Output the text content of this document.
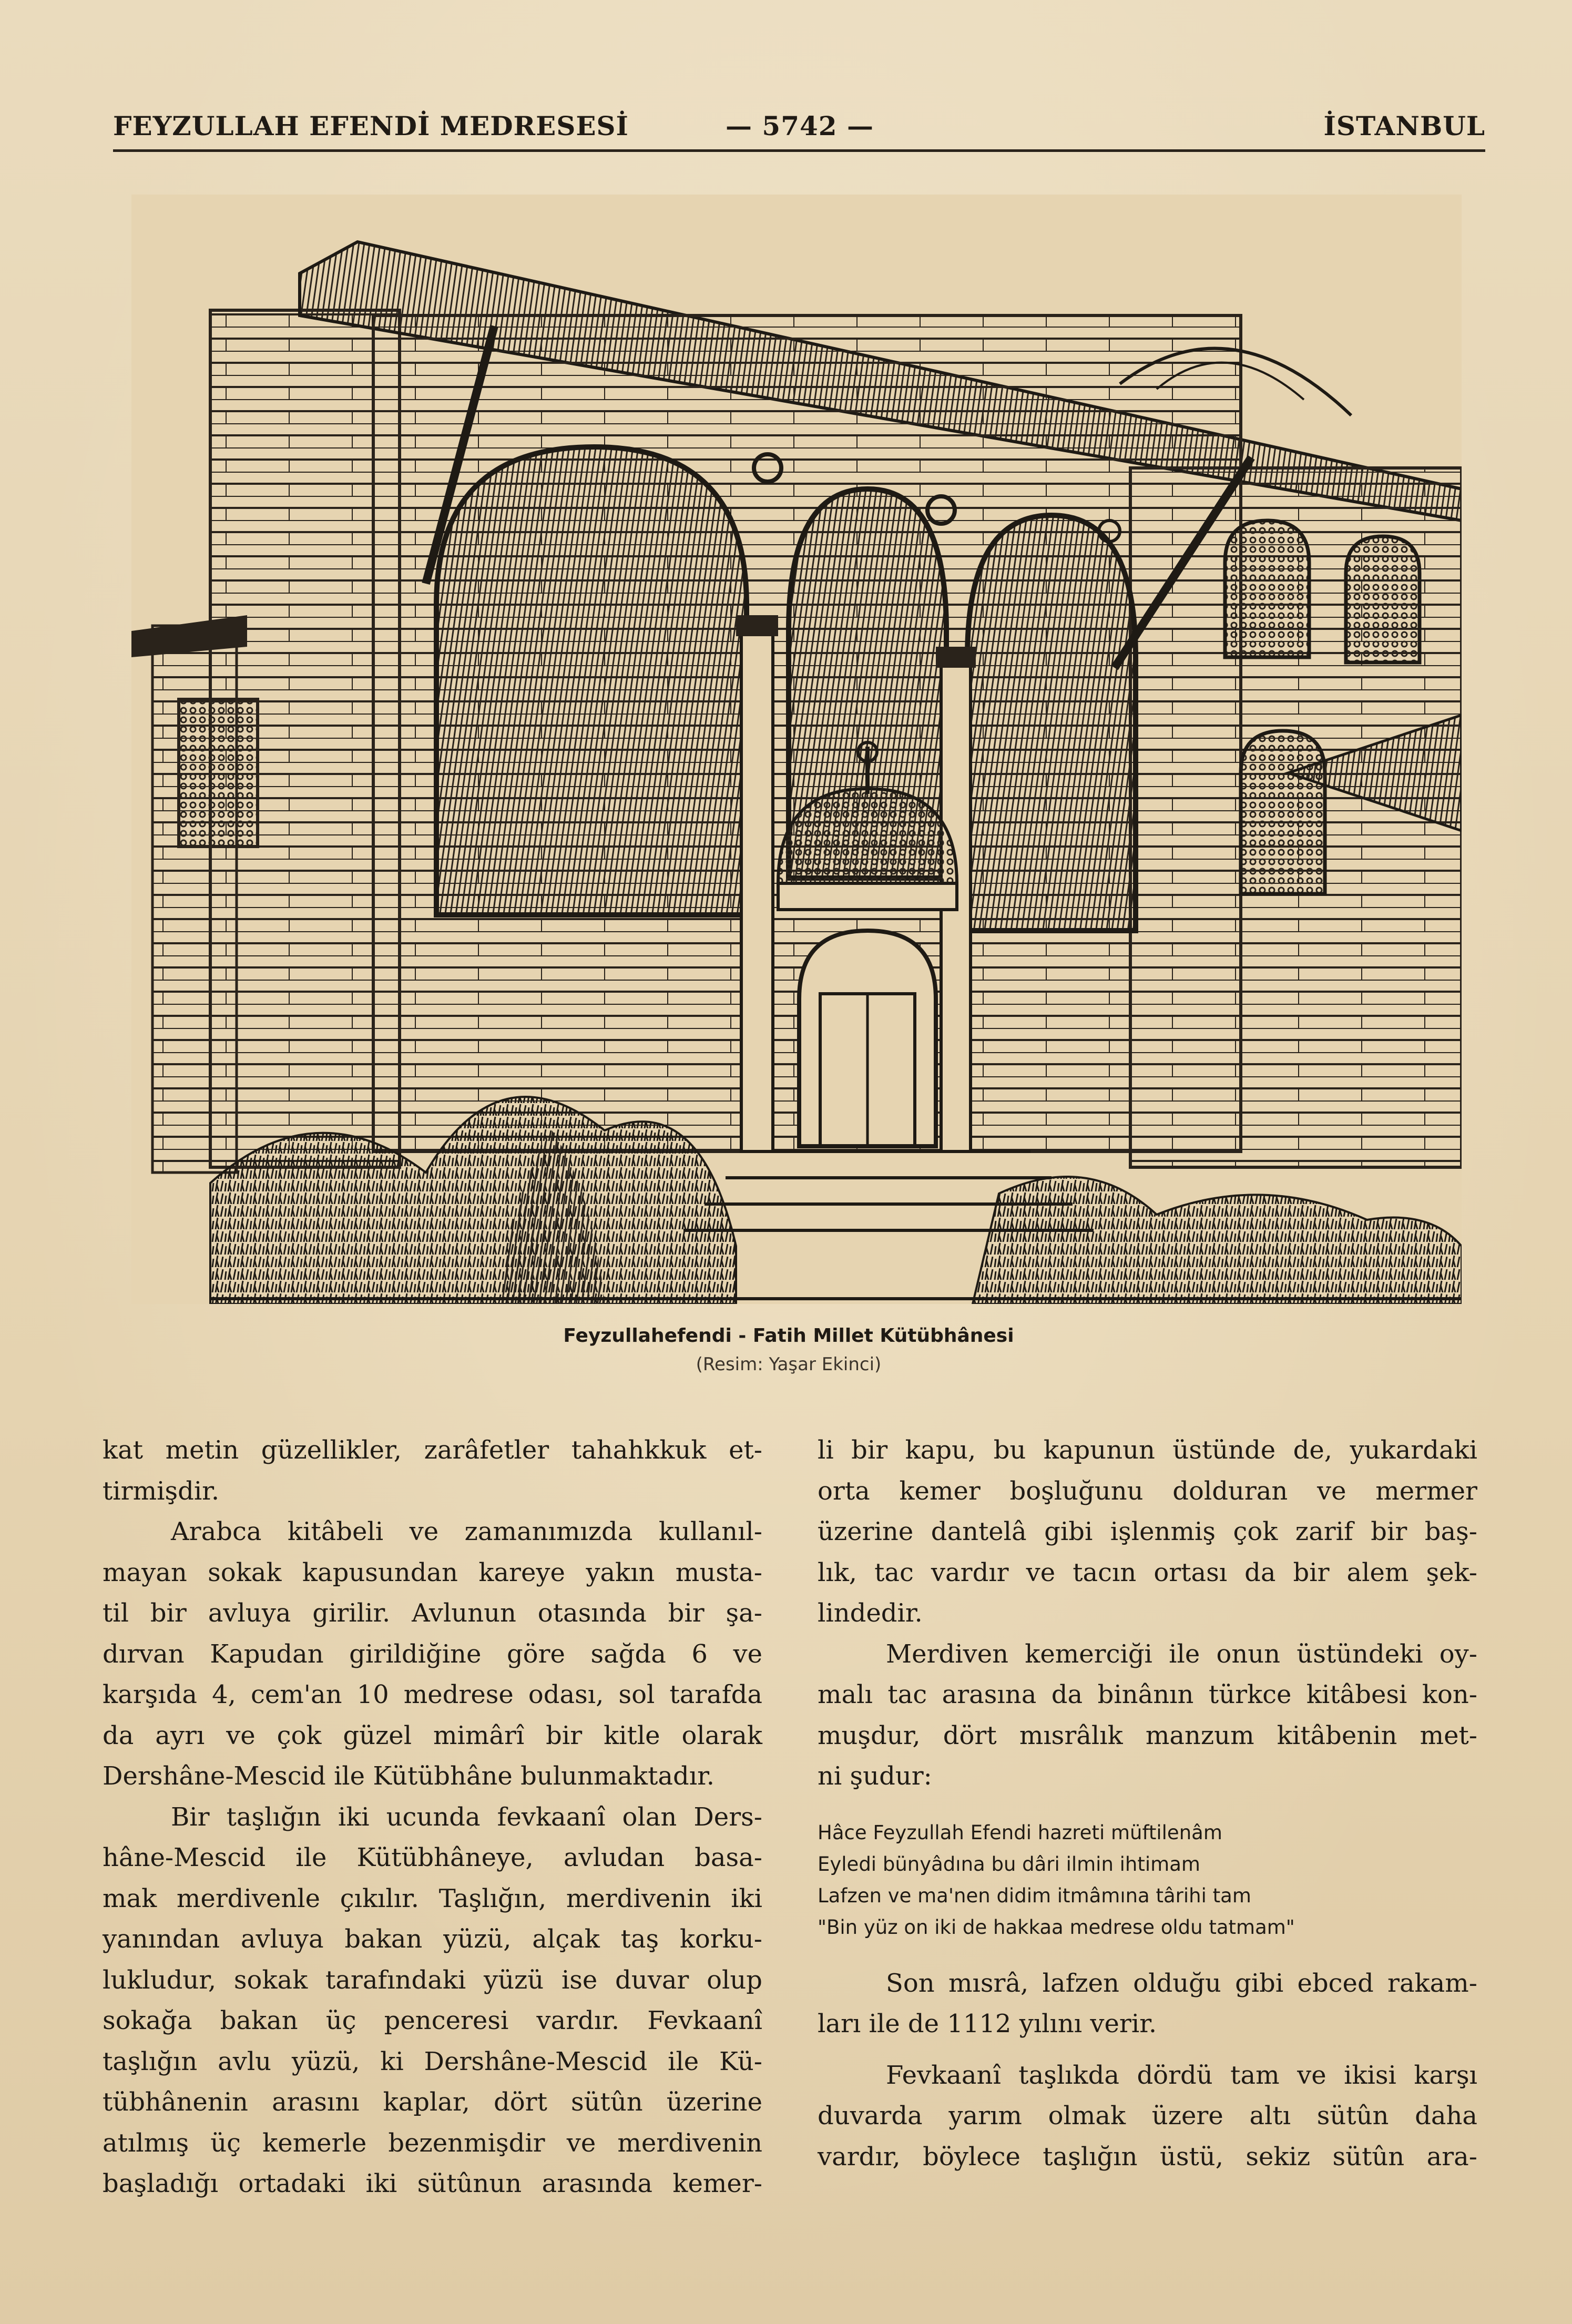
FEYZULLAH EFENDİ MEDRESESİ	— 5742 —	İSTANBUL
Feyzullahefendi - Fatih Millet Kütübhânesi
(Resim: Yaşar Ekinci)

kat metin güzellikler, zarâfetler tahahkkuk et-
tirmişdir.

Arabca kitâbeli ve zamanımızda kullanıl-
mayan sokak kapusundan kareye yakın musta-
til bir avluya girilir. Avlunun otasında bir şa-
dırvan Kapudan girildiğine göre sağda 6 ve
karşıda 4, cem'an 10 medrese odası, sol tarafda
da ayrı ve çok güzel mimârî bir kitle olarak
Dershâne-Mescid ile Kütübhâne bulunmaktadır.

Bir taşlığın iki ucunda fevkaanî olan Ders-
hâne-Mescid ile Kütübhâneye, avludan basa-
mak merdivenle çıkılır. Taşlığın, merdivenin iki
yanından avluya bakan yüzü, alçak taş korku-
lukludur, sokak tarafındaki yüzü ise duvar olup
sokağa bakan üç penceresi vardır. Fevkaanî
taşlığın avlu yüzü, ki Dershâne-Mescid ile Kü-
tübhânenin arasını kaplar, dört sütûn üzerine
atılmış üç kemerle bezenmişdir ve merdivenin
başladığı ortadaki iki sütûnun arasında kemer-

li bir kapu, bu kapunun üstünde de, yukardaki
orta kemer boşluğunu dolduran ve mermer
üzerine dantelâ gibi işlenmiş çok zarif bir baş-
lık, tac vardır ve tacın ortası da bir alem şek-
lindedir.

Merdiven kemerciği ile onun üstündeki oy-
malı tac arasına da binânın türkce kitâbesi kon-
muşdur, dört mısrâlık manzum kitâbenin met-
ni şudur:

Hâce Feyzullah Efendi hazreti müftilenâm
Eyledi bünyâdına bu dâri ilmin ihtimam
Lafzen ve ma'nen didim itmâmına târihi tam
"Bin yüz on iki de hakkaa medrese oldu tatmam"

Son mısrâ, lafzen olduğu gibi ebced rakam-
ları ile de 1112 yılını verir.

Fevkaanî taşlıkda dördü tam ve ikisi karşı
duvarda yarım olmak üzere altı sütûn daha
vardır, böylece taşlığın üstü, sekiz sütûn ara-
